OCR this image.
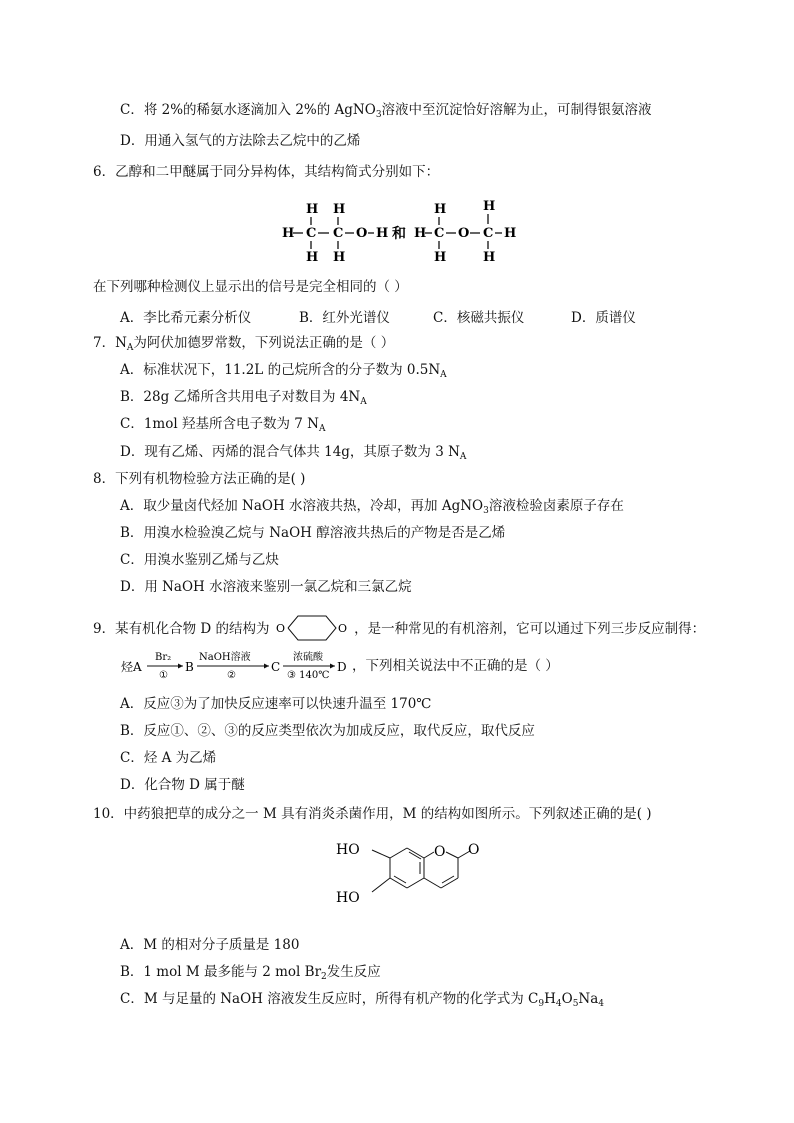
C．将 2%的稀氨水逐滴加入 2%的 AgNO$_3$溶液中至沉淀恰好溶解为止，可制得银氨溶液
D．用通入氢气的方法除去乙烷中的乙烯
6．乙醇和二甲醚属于同分异构体，其结构简式分别如下：
H H
H C C O H
H H
和
H	H
H C O C H
H	H
在下列哪种检测仪上显示出的信号是完全相同的（ ）
A．李比希元素分析仪	B．红外光谱仪	C．核磁共振仪	D．质谱仪
7．$N_A$为阿伏加德罗常数，下列说法正确的是（ ）
A．标准状况下，11.2L 的己烷所含的分子数为 $0.5N_A$
B．28g 乙烯所含共用电子对数目为 $4N_A$
C．1mol 羟基所含电子数为 7 $N_A$
D．现有乙烯、丙烯的混合气体共 14g，其原子数为 3 $N_A$
8．下列有机物检验方法正确的是( )
A．取少量卤代烃加 NaOH 水溶液共热，冷却，再加 AgNO$_3$溶液检验卤素原子存在
B．用溴水检验溴乙烷与 NaOH 醇溶液共热后的产物是否是乙烯
C．用溴水鉴别乙烯与乙炔
D．用 NaOH 水溶液来鉴别一氯乙烷和三氯乙烷
9．某有机化合物 D 的结构为 O	O ，是一种常见的有机溶剂，它可以通过下列三步反应制得：
烃A
Br₂
①
B
NaOH溶液
②
C
浓硫酸
③ 140℃
D ，下列相关说法中不正确的是（ ）
A．反应③为了加快反应速率可以快速升温至 170℃
B．反应①、②、③的反应类型依次为加成反应，取代反应，取代反应
C．烃 A 为乙烯
D．化合物 D 属于醚
10．中药狼把草的成分之一 M 具有消炎杀菌作用，M 的结构如图所示。下列叙述正确的是( )
HO
HO
O O
A．M 的相对分子质量是 180
B．1 mol M 最多能与 2 mol $Br_2$发生反应
C．M 与足量的 NaOH 溶液发生反应时，所得有机产物的化学式为 $C_9H_4O_5Na_4$
